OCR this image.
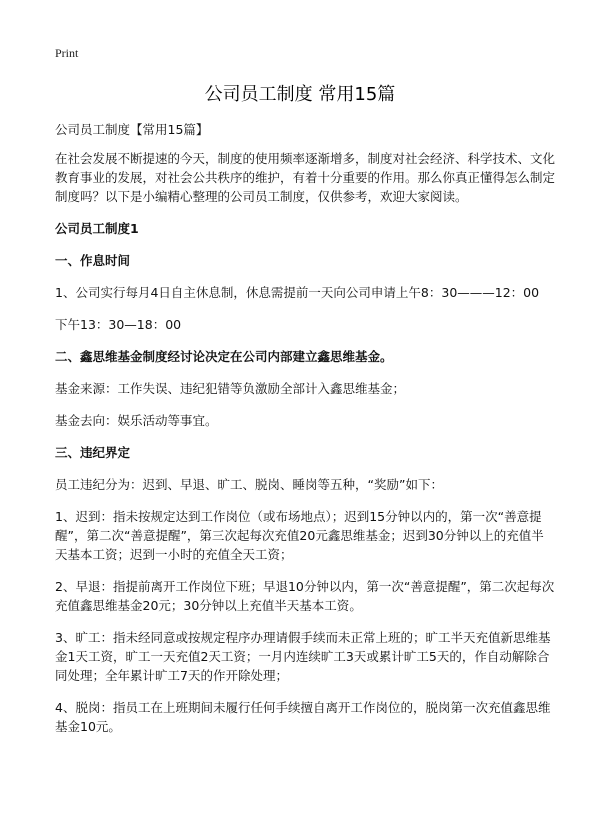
Print
公司员工制度 常用15篇

公司员工制度【常用15篇】

在社会发展不断提速的今天，制度的使用频率逐渐增多，制度对社会经济、科学技术、文化教育事业的发展，对社会公共秩序的维护，有着十分重要的作用。那么你真正懂得怎么制定制度吗？以下是小编精心整理的公司员工制度，仅供参考，欢迎大家阅读。

公司员工制度1

一、作息时间

1、公司实行每月4日自主休息制，休息需提前一天向公司申请上午8：30———12：00

下午13：30—18：00

二、鑫思维基金制度经讨论决定在公司内部建立鑫思维基金。

基金来源：工作失误、违纪犯错等负激励全部计入鑫思维基金；

基金去向：娱乐活动等事宜。

三、违纪界定

员工违纪分为：迟到、早退、旷工、脱岗、睡岗等五种，“奖励”如下：

1、迟到：指未按规定达到工作岗位（或布场地点）；迟到15分钟以内的，第一次“善意提醒”，第二次“善意提醒”，第三次起每次充值20元鑫思维基金；迟到30分钟以上的充值半天基本工资；迟到一小时的充值全天工资；

2、早退：指提前离开工作岗位下班；早退10分钟以内，第一次“善意提醒”，第二次起每次充值鑫思维基金20元；30分钟以上充值半天基本工资。

3、旷工：指未经同意或按规定程序办理请假手续而未正常上班的；旷工半天充值新思维基金1天工资，旷工一天充值2天工资；一月内连续旷工3天或累计旷工5天的，作自动解除合同处理；全年累计旷工7天的作开除处理；

4、脱岗：指员工在上班期间未履行任何手续擅自离开工作岗位的，脱岗第一次充值鑫思维基金10元。
